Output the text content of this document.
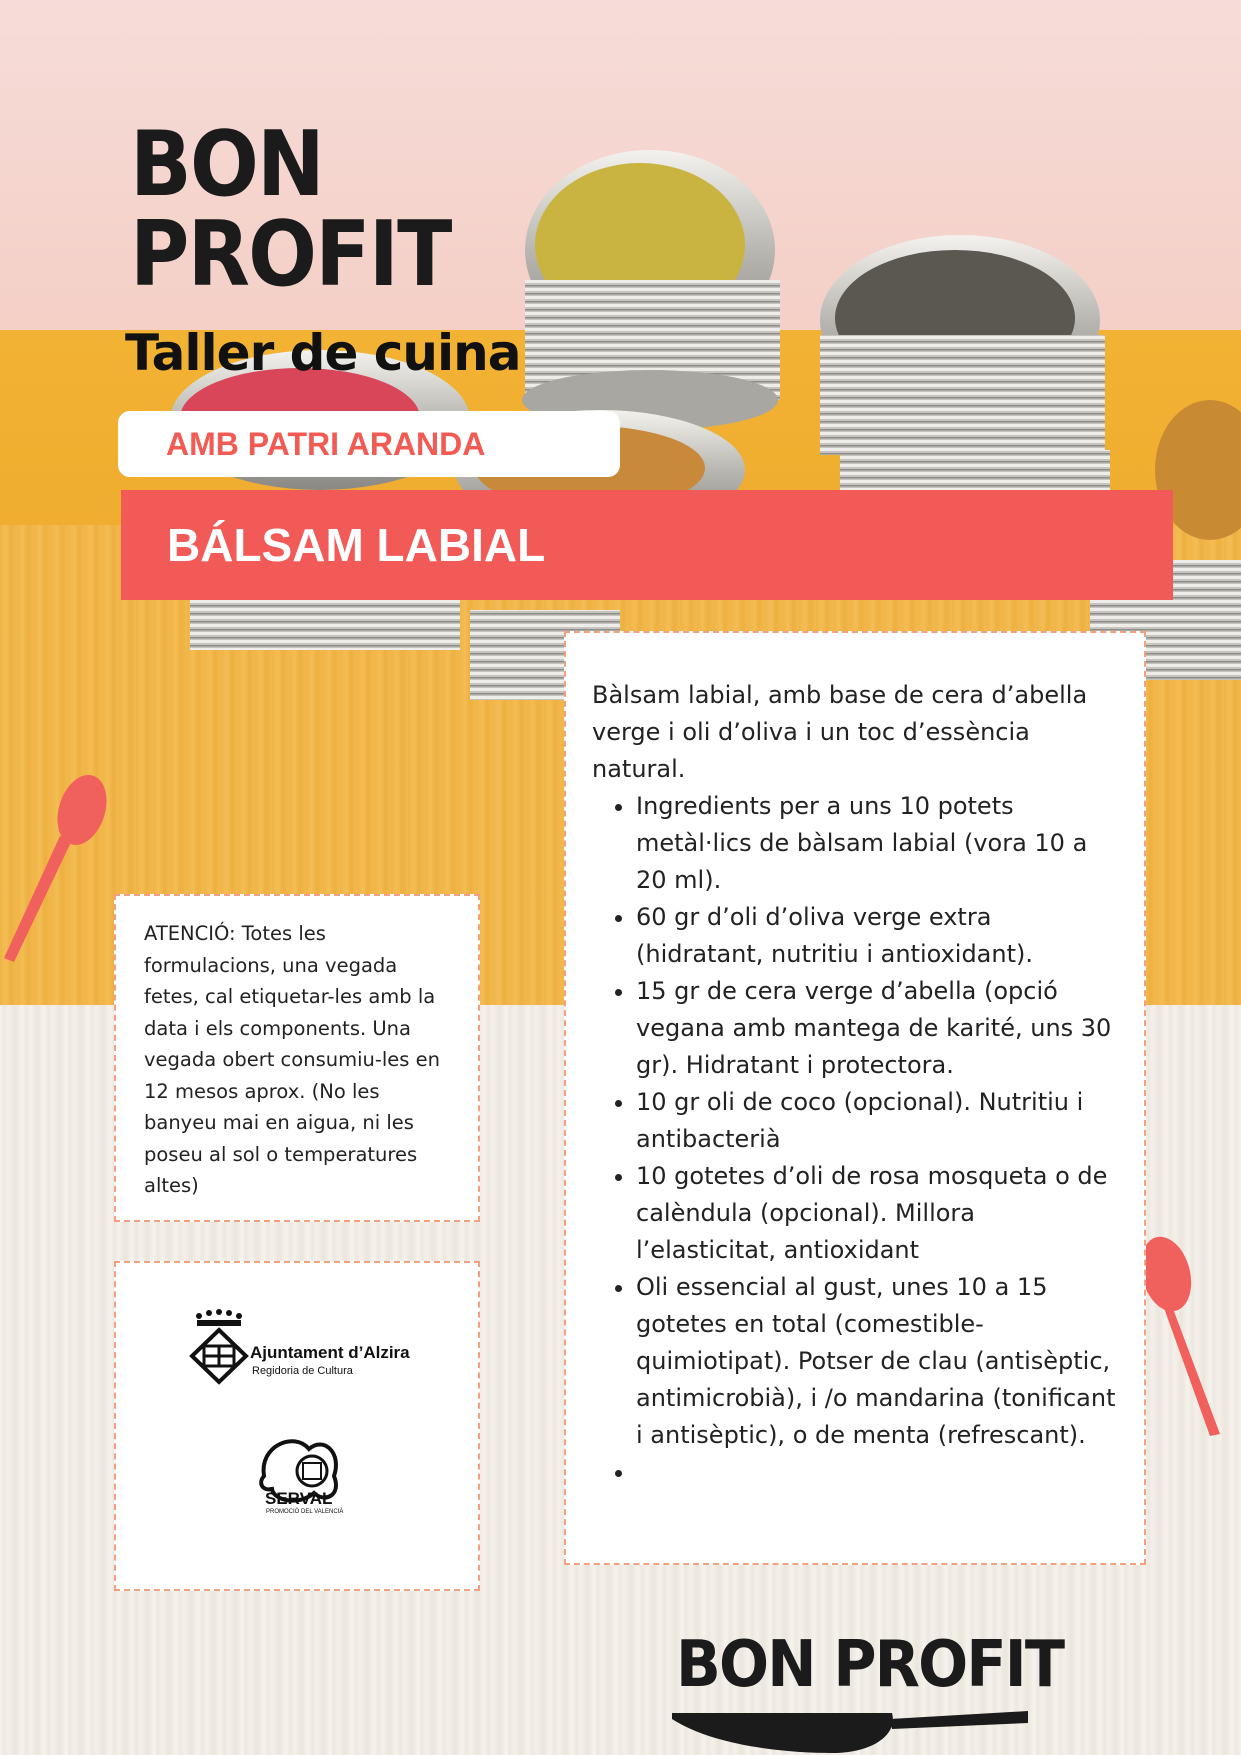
BON
PROFIT
Taller de cuina
AMB PATRI ARANDA
BÁLSAM LABIAL

Bàlsam labial, amb base de cera d’abella verge i oli d’oliva i un toc d’essència natural.

• Ingredients per a uns 10 potets metàl·lics de bàlsam labial (vora 10 a 20 ml).
• 60 gr d’oli d’oliva verge extra (hidratant, nutritiu i antioxidant).
• 15 gr de cera verge d’abella (opció vegana amb mantega de karité, uns 30 gr). Hidratant i protectora.
• 10 gr oli de coco (opcional). Nutritiu i antibacterià
• 10 gotetes d’oli de rosa mosqueta o de calèndula (opcional). Millora l’elasticitat, antioxidant
• Oli essencial al gust, unes 10 a 15 gotetes en total (comestible-quimiotipat). Potser de clau (antisèptic, antimicrobià), i /o mandarina (tonificant i antisèptic), o de menta (refrescant).
•

ATENCIÓ: Totes les formulacions, una vegada fetes, cal etiquetar-les amb la data i els components. Una vegada obert consumiu-les en 12 mesos aprox. (No les banyeu mai en aigua, ni les poseu al sol o temperatures altes)

Ajuntament d’Alzira
Regidoria de Cultura
SERVAL
PROMOCIÓ DEL VALENCIÀ
BON PROFIT
